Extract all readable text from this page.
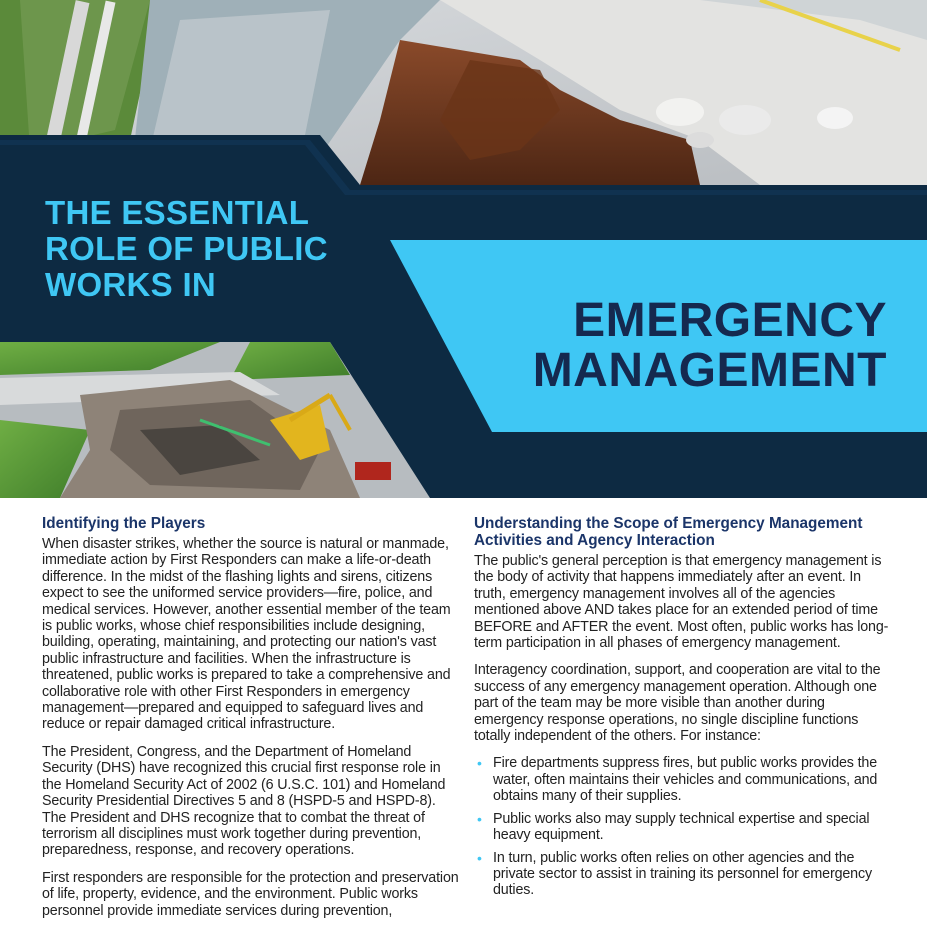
THE ESSENTIAL
ROLE OF PUBLIC
WORKS IN
EMERGENCY
MANAGEMENT
Identifying the Players

When disaster strikes, whether the source is natural or manmade, immediate action by First Responders can make a life-or-death difference. In the midst of the flashing lights and sirens, citizens expect to see the uniformed service providers—fire, police, and medical services. However, another essential member of the team is public works, whose chief responsibilities include designing, building, operating, maintaining, and protecting our nation's vast public infrastructure and facilities. When the infrastructure is threatened, public works is prepared to take a comprehensive and collaborative role with other First Responders in emergency management—prepared and equipped to safeguard lives and reduce or repair damaged critical infrastructure.

The President, Congress, and the Department of Homeland Security (DHS) have recognized this crucial first response role in the Homeland Security Act of 2002 (6 U.S.C. 101) and Homeland Security Presidential Directives 5 and 8 (HSPD-5 and HSPD-8). The President and DHS recognize that to combat the threat of terrorism all disciplines must work together during prevention, preparedness, response, and recovery operations.

First responders are responsible for the protection and preservation of life, property, evidence, and the environment. Public works personnel provide immediate services during prevention,

Understanding the Scope of Emergency Management Activities and Agency Interaction

The public's general perception is that emergency management is the body of activity that happens immediately after an event. In truth, emergency management involves all of the agencies mentioned above AND takes place for an extended period of time BEFORE and AFTER the event. Most often, public works has long-term participation in all phases of emergency management.

Interagency coordination, support, and cooperation are vital to the success of any emergency management operation. Although one part of the team may be more visible than another during emergency response operations, no single discipline functions totally independent of the others. For instance:

• Fire departments suppress fires, but public works provides the water, often maintains their vehicles and communications, and obtains many of their supplies.
• Public works also may supply technical expertise and special heavy equipment.
• In turn, public works often relies on other agencies and the private sector to assist in training its personnel for emergency duties.
